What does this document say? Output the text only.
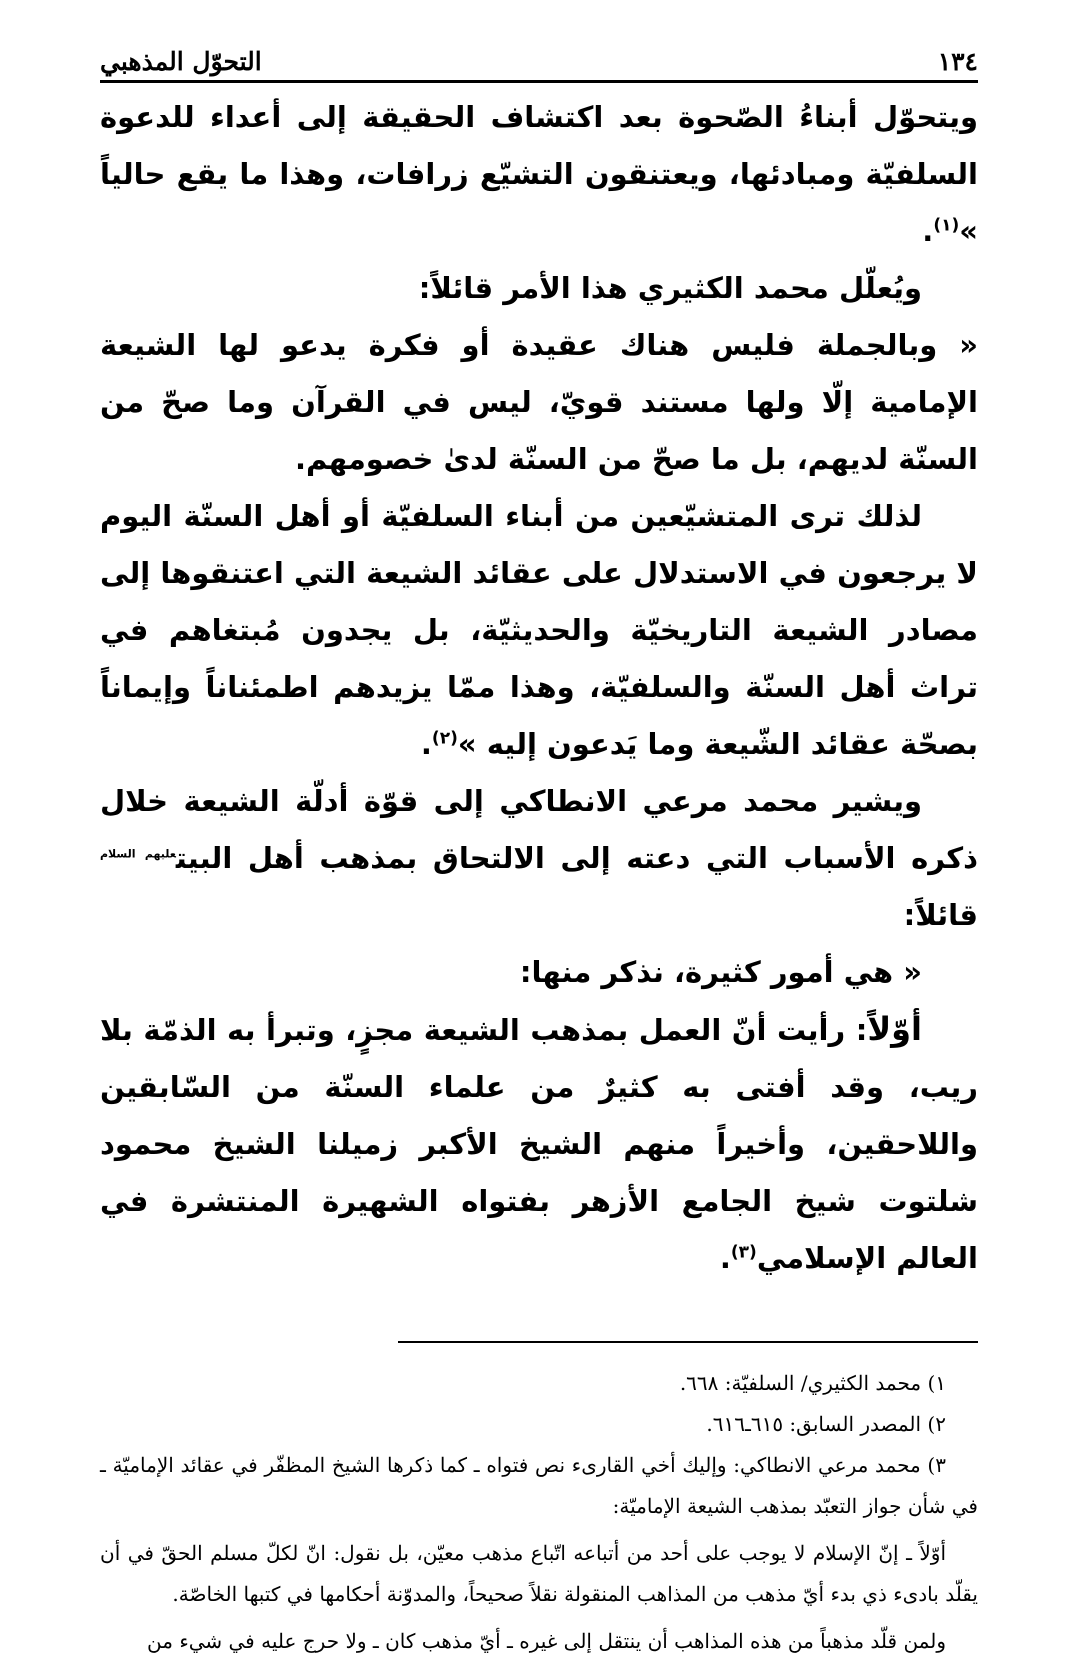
١٣٤
التحوّل المذهبي

ويتحوّل أبناءُ الصّحوة بعد اكتشاف الحقيقة إلى أعداء للدعوة السلفيّة ومبادئها، ويعتنقون التشيّع زرافات، وهذا ما يقع حالياً »$^{(١)}$.

ويُعلّل محمد الكثيري هذا الأمر قائلاً:

« وبالجملة فليس هناك عقيدة أو فكرة يدعو لها الشيعة الإمامية إلّا ولها مستند قويّ، ليس في القرآن وما صحّ من السنّة لديهم، بل ما صحّ من السنّة لدىٰ خصومهم.

لذلك ترى المتشيّعين من أبناء السلفيّة أو أهل السنّة اليوم لا يرجعون في الاستدلال على عقائد الشيعة التي اعتنقوها إلى مصادر الشيعة التاريخيّة والحديثيّة، بل يجدون مُبتغاهم في تراث أهل السنّة والسلفيّة، وهذا ممّا يزيدهم اطمئناناً وإيماناً بصحّة عقائد الشّيعة وما يَدعون إليه »$^{(٢)}$.

ويشير محمد مرعي الانطاكي إلى قوّة أدلّة الشيعة خلال ذكره الأسباب التي دعته إلى الالتحاق بمذهب أهل البيت$^{عليهم السلام}$ قائلاً:

« هي أمور كثيرة، نذكر منها:

أوّلاً: رأيت أنّ العمل بمذهب الشيعة مجزٍ، وتبرأ به الذمّة بلا ريب، وقد أفتى به كثيرٌ من علماء السنّة من السّابقين واللاحقين، وأخيراً منهم الشيخ الأكبر زميلنا الشيخ محمود شلتوت شيخ الجامع الأزهر بفتواه الشهيرة المنتشرة في العالم الإسلامي$^{(٣)}$.

١) محمد الكثيري/ السلفيّة: ٦٦٨.

٢) المصدر السابق: ٦١٥ـ٦١٦.

٣) محمد مرعي الانطاكي: وإليك أخي القارىء نص فتواه ـ كما ذكرها الشيخ المظفّر في عقائد الإماميّة ـ في شأن جواز التعبّد بمذهب الشيعة الإماميّة:

أوّلاً ـ إنّ الإسلام لا يوجب على أحد من أتباعه اتّباع مذهب معيّن، بل نقول: انّ لكلّ مسلم الحقّ في أن يقلّد بادىء ذي بدء أيّ مذهب من المذاهب المنقولة نقلاً صحيحاً، والمدوّنة أحكامها في كتبها الخاصّة.

ولمن قلّد مذهباً من هذه المذاهب أن ينتقل إلى غيره ـ أيّ مذهب كان ـ ولا حرج عليه في شيء من
